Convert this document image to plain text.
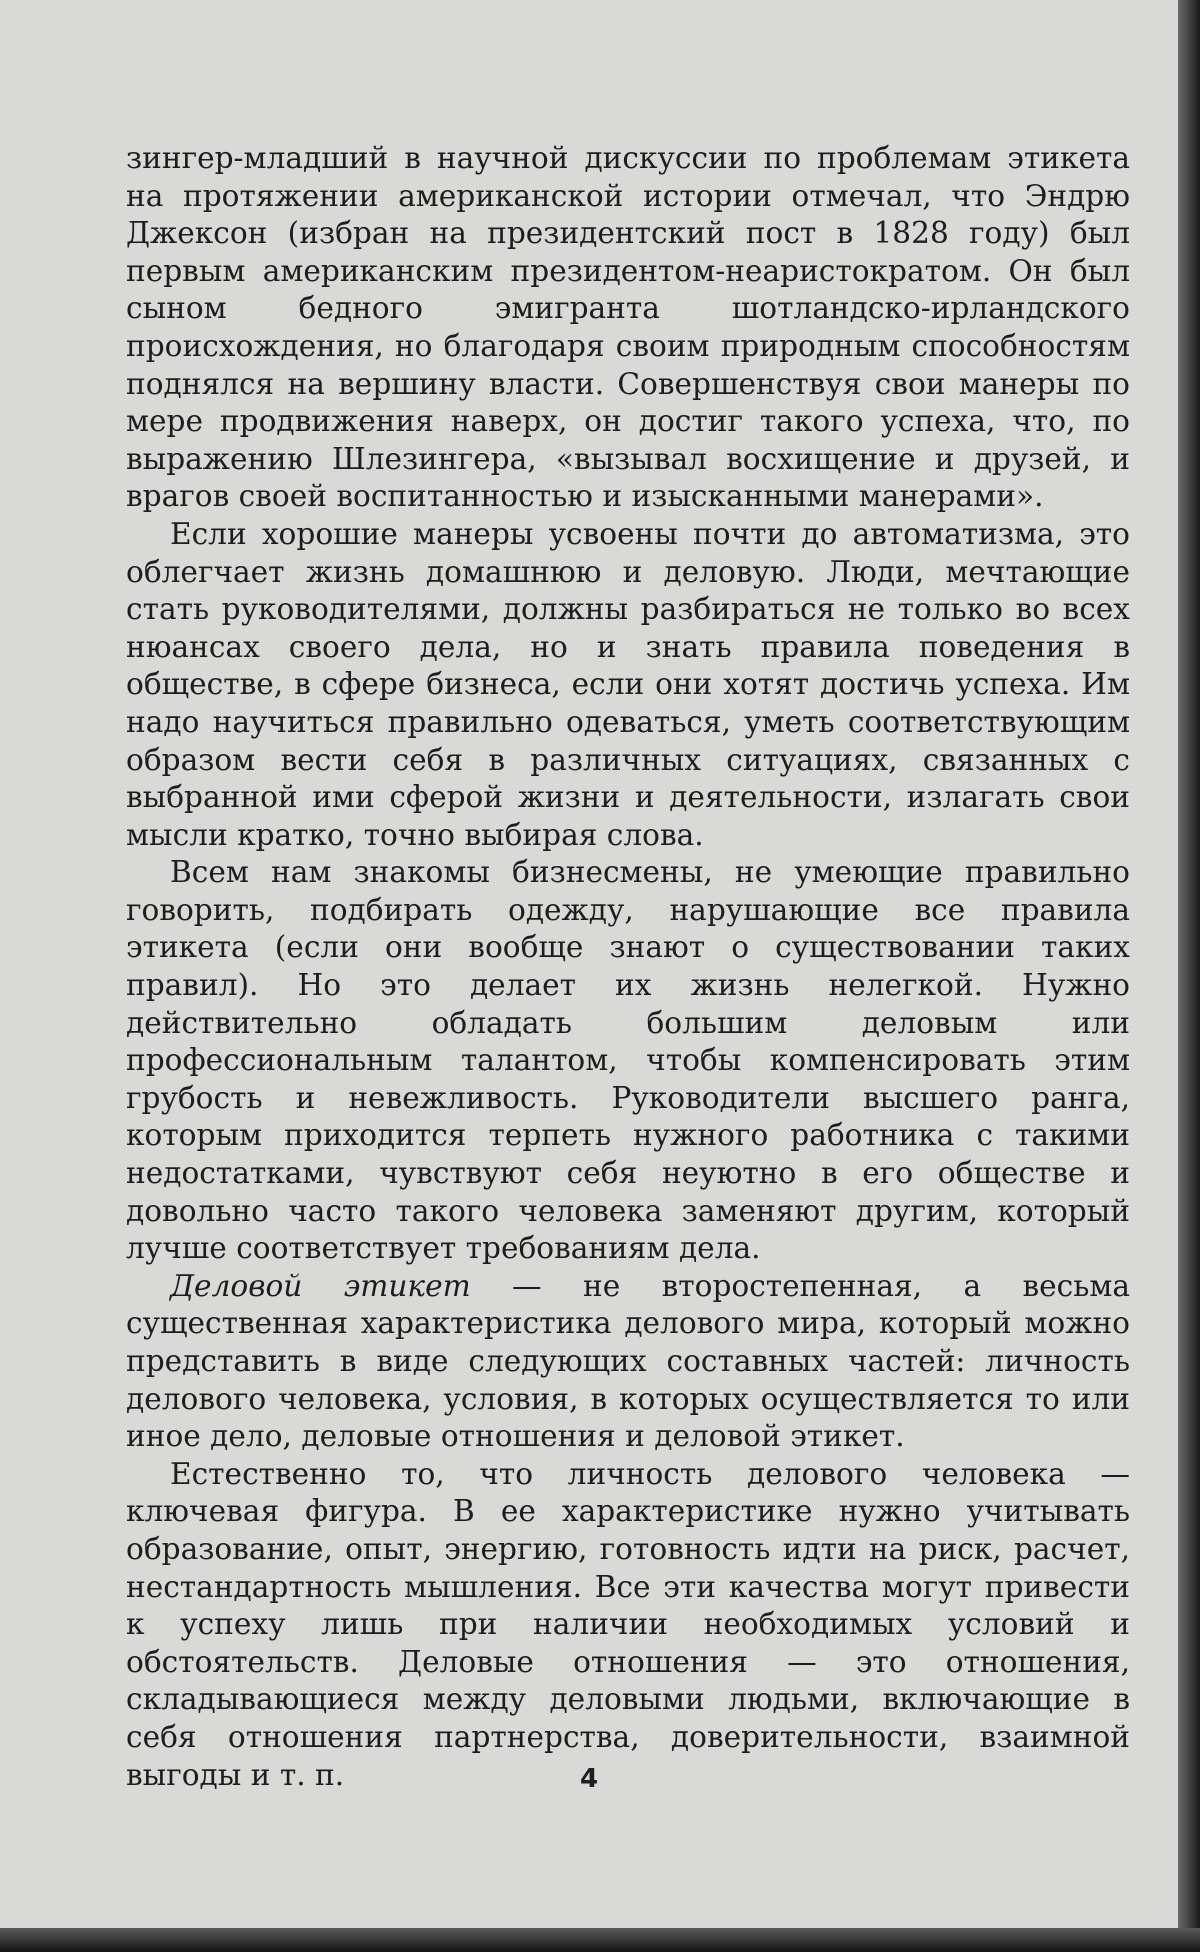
зингер-младший в научной дискуссии по проблемам этикета на протяжении американской истории отмечал, что Эндрю Джексон (избран на президентский пост в 1828 году) был первым американским президентом-неаристократом. Он был сыном бедного эмигранта шотландско-ирландского происхождения, но благодаря своим природным способностям поднялся на вершину власти. Совершенствуя свои манеры по мере продвижения наверх, он достиг такого успеха, что, по выражению Шлезингера, «вызывал восхищение и друзей, и врагов своей воспитанностью и изысканными манерами».

Если хорошие манеры усвоены почти до автоматизма, это облегчает жизнь домашнюю и деловую. Люди, мечтающие стать руководителями, должны разбираться не только во всех нюансах своего дела, но и знать правила поведения в обществе, в сфере бизнеса, если они хотят достичь успеха. Им надо научиться правильно одеваться, уметь соответствующим образом вести себя в различных ситуациях, связанных с выбранной ими сферой жизни и деятельности, излагать свои мысли кратко, точно выбирая слова.

Всем нам знакомы бизнесмены, не умеющие правильно говорить, подбирать одежду, нарушающие все правила этикета (если они вообще знают о существовании таких правил). Но это делает их жизнь нелегкой. Нужно действительно обладать большим деловым или профессиональным талантом, чтобы компенсировать этим грубость и невежливость. Руководители высшего ранга, которым приходится терпеть нужного работника с такими недостатками, чувствуют себя неуютно в его обществе и довольно часто такого человека заменяют другим, который лучше соответствует требованиям дела.

Деловой этикет — не второстепенная, а весьма существенная характеристика делового мира, который можно представить в виде следующих составных частей: личность делового человека, условия, в которых осуществляется то или иное дело, деловые отношения и деловой этикет.

Естественно то, что личность делового человека — ключевая фигура. В ее характеристике нужно учитывать образование, опыт, энергию, готовность идти на риск, расчет, нестандартность мышления. Все эти качества могут привести к успеху лишь при наличии необходимых условий и обстоятельств. Деловые отношения — это отношения, складывающиеся между деловыми людьми, включающие в себя отношения партнерства, доверительности, взаимной выгоды и т. п.	4
